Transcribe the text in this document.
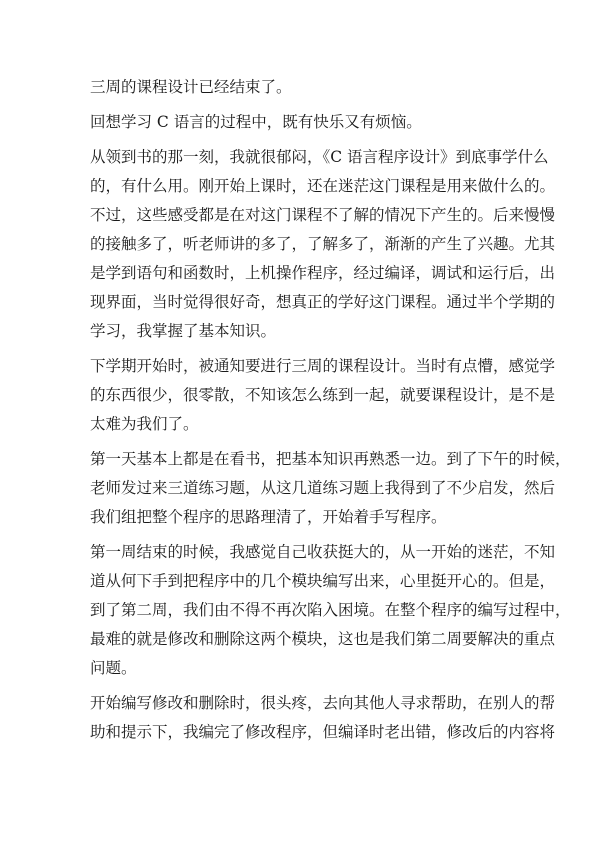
三周的课程设计已经结束了。
回想学习 C 语言的过程中，既有快乐又有烦恼。
从领到书的那一刻，我就很郁闷，《C 语言程序设计》到底事学什么
的，有什么用。刚开始上课时，还在迷茫这门课程是用来做什么的。
不过，这些感受都是在对这门课程不了解的情况下产生的。后来慢慢
的接触多了，听老师讲的多了，了解多了，渐渐的产生了兴趣。尤其
是学到语句和函数时，上机操作程序，经过编译，调试和运行后，出
现界面，当时觉得很好奇，想真正的学好这门课程。通过半个学期的
学习，我掌握了基本知识。
下学期开始时，被通知要进行三周的课程设计。当时有点懵，感觉学
的东西很少，很零散，不知该怎么练到一起，就要课程设计，是不是
太难为我们了。
第一天基本上都是在看书，把基本知识再熟悉一边。到了下午的时候，
老师发过来三道练习题，从这几道练习题上我得到了不少启发，然后
我们组把整个程序的思路理清了，开始着手写程序。
第一周结束的时候，我感觉自己收获挺大的，从一开始的迷茫，不知
道从何下手到把程序中的几个模块编写出来，心里挺开心的。但是，
到了第二周，我们由不得不再次陷入困境。在整个程序的编写过程中，
最难的就是修改和删除这两个模块，这也是我们第二周要解决的重点
问题。
开始编写修改和删除时，很头疼，去向其他人寻求帮助，在别人的帮
助和提示下，我编完了修改程序，但编译时老出错，修改后的内容将
